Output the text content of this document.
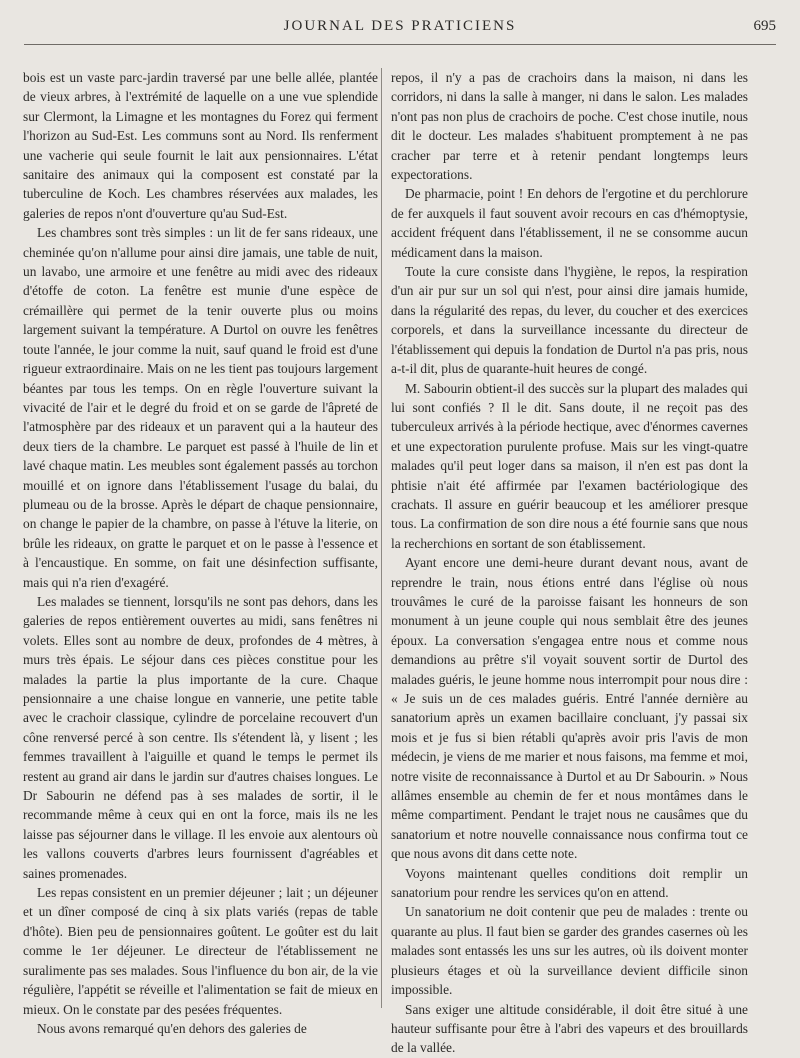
JOURNAL DES PRATICIENS	695

bois est un vaste parc-jardin traversé par une belle allée, plantée de vieux arbres, à l'extrémité de laquelle on a une vue splendide sur Clermont, la Limagne et les montagnes du Forez qui ferment l'horizon au Sud-Est. Les communs sont au Nord. Ils renferment une vacherie qui seule fournit le lait aux pensionnaires. L'état sanitaire des animaux qui la composent est constaté par la tuberculine de Koch. Les chambres réservées aux malades, les galeries de repos n'ont d'ouverture qu'au Sud-Est.

Les chambres sont très simples : un lit de fer sans rideaux, une cheminée qu'on n'allume pour ainsi dire jamais, une table de nuit, un lavabo, une armoire et une fenêtre au midi avec des rideaux d'étoffe de coton. La fenêtre est munie d'une espèce de crémaillère qui permet de la tenir ouverte plus ou moins largement suivant la température. A Durtol on ouvre les fenêtres toute l'année, le jour comme la nuit, sauf quand le froid est d'une rigueur extraordinaire. Mais on ne les tient pas toujours largement béantes par tous les temps. On en règle l'ouverture suivant la vivacité de l'air et le degré du froid et on se garde de l'âpreté de l'atmosphère par des rideaux et un paravent qui a la hauteur des deux tiers de la chambre. Le parquet est passé à l'huile de lin et lavé chaque matin. Les meubles sont également passés au torchon mouillé et on ignore dans l'établissement l'usage du balai, du plumeau ou de la brosse. Après le départ de chaque pensionnaire, on change le papier de la chambre, on passe à l'étuve la literie, on brûle les rideaux, on gratte le parquet et on le passe à l'essence et à l'encaustique. En somme, on fait une désinfection suffisante, mais qui n'a rien d'exagéré.

Les malades se tiennent, lorsqu'ils ne sont pas dehors, dans les galeries de repos entièrement ouvertes au midi, sans fenêtres ni volets. Elles sont au nombre de deux, profondes de 4 mètres, à murs très épais. Le séjour dans ces pièces constitue pour les malades la partie la plus importante de la cure. Chaque pensionnaire a une chaise longue en vannerie, une petite table avec le crachoir classique, cylindre de porcelaine recouvert d'un cône renversé percé à son centre. Ils s'étendent là, y lisent ; les femmes travaillent à l'aiguille et quand le temps le permet ils restent au grand air dans le jardin sur d'autres chaises longues. Le Dr Sabourin ne défend pas à ses malades de sortir, il le recommande même à ceux qui en ont la force, mais ils ne les laisse pas séjourner dans le village. Il les envoie aux alentours où les vallons couverts d'arbres leurs fournissent d'agréables et saines promenades.

Les repas consistent en un premier déjeuner ; lait ; un déjeuner et un dîner composé de cinq à six plats variés (repas de table d'hôte). Bien peu de pensionnaires goûtent. Le goûter est du lait comme le 1er déjeuner. Le directeur de l'établissement ne suralimente pas ses malades. Sous l'influence du bon air, de la vie régulière, l'appétit se réveille et l'alimentation se fait de mieux en mieux. On le constate par des pesées fréquentes.

Nous avons remarqué qu'en dehors des galeries de

repos, il n'y a pas de crachoirs dans la maison, ni dans les corridors, ni dans la salle à manger, ni dans le salon. Les malades n'ont pas non plus de crachoirs de poche. C'est chose inutile, nous dit le docteur. Les malades s'habituent promptement à ne pas cracher par terre et à retenir pendant longtemps leurs expectorations.

De pharmacie, point ! En dehors de l'ergotine et du perchlorure de fer auxquels il faut souvent avoir recours en cas d'hémoptysie, accident fréquent dans l'établissement, il ne se consomme aucun médicament dans la maison.

Toute la cure consiste dans l'hygiène, le repos, la respiration d'un air pur sur un sol qui n'est, pour ainsi dire jamais humide, dans la régularité des repas, du lever, du coucher et des exercices corporels, et dans la surveillance incessante du directeur de l'établissement qui depuis la fondation de Durtol n'a pas pris, nous a-t-il dit, plus de quarante-huit heures de congé.

M. Sabourin obtient-il des succès sur la plupart des malades qui lui sont confiés ? Il le dit. Sans doute, il ne reçoit pas des tuberculeux arrivés à la période hectique, avec d'énormes cavernes et une expectoration purulente profuse. Mais sur les vingt-quatre malades qu'il peut loger dans sa maison, il n'en est pas dont la phtisie n'ait été affirmée par l'examen bactériologique des crachats. Il assure en guérir beaucoup et les améliorer presque tous. La confirmation de son dire nous a été fournie sans que nous la recherchions en sortant de son établissement.

Ayant encore une demi-heure durant devant nous, avant de reprendre le train, nous étions entré dans l'église où nous trouvâmes le curé de la paroisse faisant les honneurs de son monument à un jeune couple qui nous semblait être des jeunes époux. La conversation s'engagea entre nous et comme nous demandions au prêtre s'il voyait souvent sortir de Durtol des malades guéris, le jeune homme nous interrompit pour nous dire : « Je suis un de ces malades guéris. Entré l'année dernière au sanatorium après un examen bacillaire concluant, j'y passai six mois et je fus si bien rétabli qu'après avoir pris l'avis de mon médecin, je viens de me marier et nous faisons, ma femme et moi, notre visite de reconnaissance à Durtol et au Dr Sabourin. » Nous allâmes ensemble au chemin de fer et nous montâmes dans le même compartiment. Pendant le trajet nous ne causâmes que du sanatorium et notre nouvelle connaissance nous confirma tout ce que nous avons dit dans cette note.

Voyons maintenant quelles conditions doit remplir un sanatorium pour rendre les services qu'on en attend.

Un sanatorium ne doit contenir que peu de malades : trente ou quarante au plus. Il faut bien se garder des grandes casernes où les malades sont entassés les uns sur les autres, où ils doivent monter plusieurs étages et où la surveillance devient difficile sinon impossible.

Sans exiger une altitude considérable, il doit être situé à une hauteur suffisante pour être à l'abri des vapeurs et des brouillards de la vallée.
